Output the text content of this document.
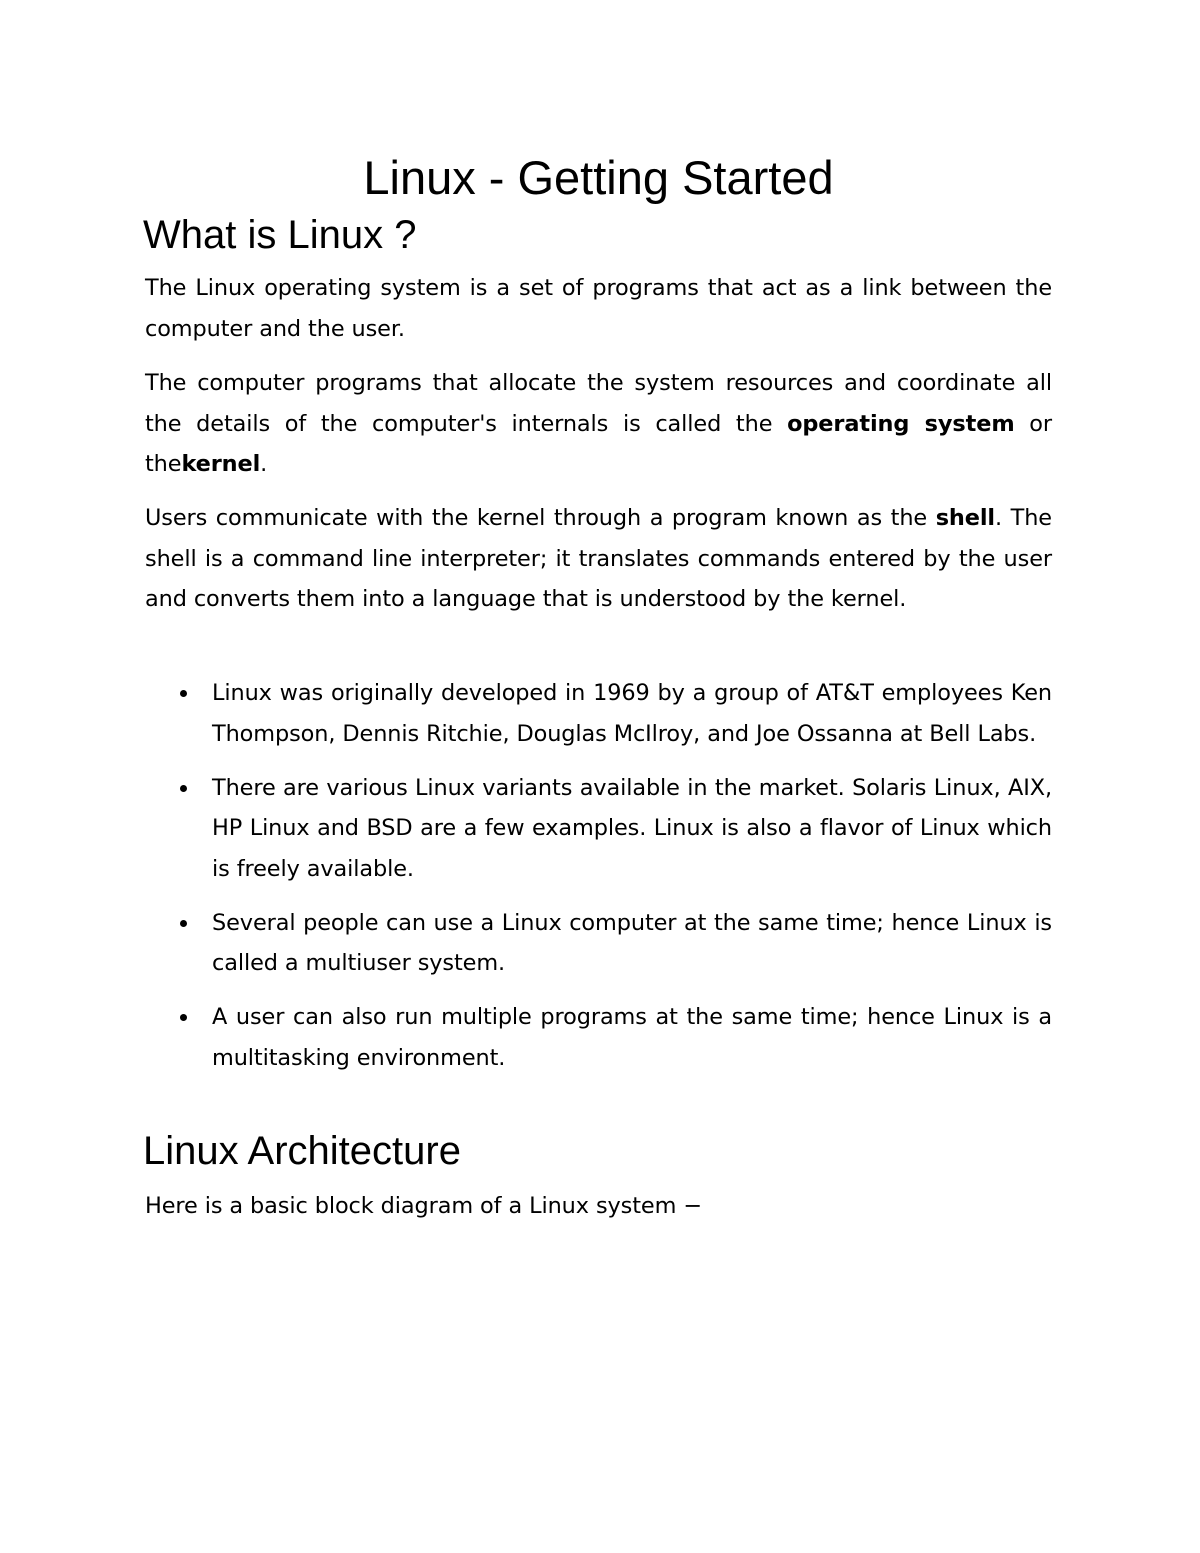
Linux - Getting Started
What is Linux ?

The Linux operating system is a set of programs that act as a link between the computer and the user.

The computer programs that allocate the system resources and coordinate all the details of the computer's internals is called the operating system or thekernel.

Users communicate with the kernel through a program known as the shell. The shell is a command line interpreter; it translates commands entered by the user and converts them into a language that is understood by the kernel.

Linux was originally developed in 1969 by a group of AT&T employees Ken Thompson, Dennis Ritchie, Douglas McIlroy, and Joe Ossanna at Bell Labs.
There are various Linux variants available in the market. Solaris Linux, AIX, HP Linux and BSD are a few examples. Linux is also a flavor of Linux which is freely available.
Several people can use a Linux computer at the same time; hence Linux is called a multiuser system.
A user can also run multiple programs at the same time; hence Linux is a multitasking environment.
Linux Architecture

Here is a basic block diagram of a Linux system −
